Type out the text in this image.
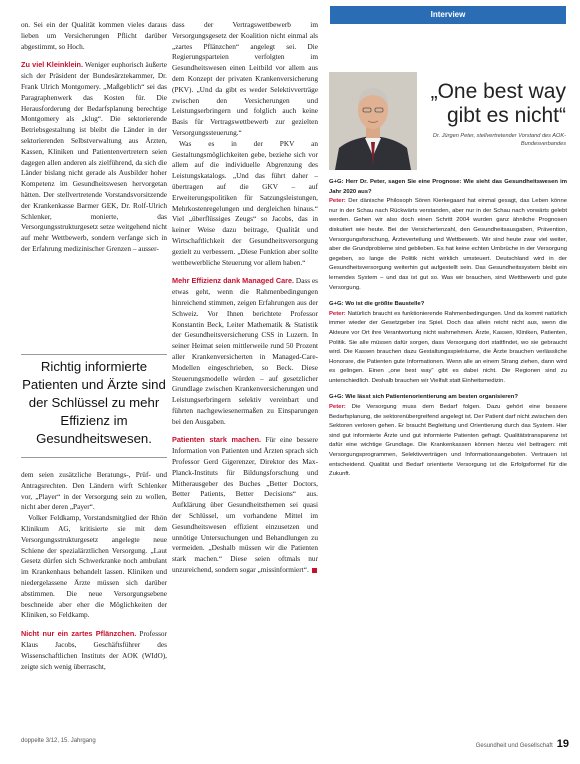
on. Sei ein der Qualität kommen vieles daraus lieben um Versicherungen Pflicht darüber abgestimmt, so Hoch.

Zu viel Kleinklein. Weniger euphorisch äußerte sich der Präsident der Bundesärztekammer, Dr. Frank Ulrich Montgomery. „Maßgeblich“ sei das Paragraphenwerk das Kosten für. Die Herausforderung der Bedarfsplanung berechtige Montgomery als „klug“. Die sektorierende Betriebsgestaltung ist bleibt die Länder in der sektorierenden Selbstverwaltung aus Ärzten, Kassen, Kliniken und Patientenvertretern seien dagegen allen anderen als zielführend, da sich die Länder bislang nicht gerade als Ausbilder hoher Kompetenz im Gesundheitswesen hervorgetan hätten. Der stellvertretende Vorstandsvorsitzende der Krankenkasse Barmer GEK, Dr. Rolf-Ulrich Schlenker, monierte, das Versorgungsstrukturgesetz setze weitgehend nicht auf mehr Wettbewerb, sondern verfange sich in der Erfahrung medizinischer Grenzen – ausser-

Richtig informierte Patienten und Ärzte sind der Schlüssel zu mehr Effizienz im Gesundheitswesen.

dem seien zusätzliche Beratungs-, Prüf- und Antragsrechten. Den Ländern wirft Schlenker vor, „Player“ in der Versorgung sein zu wollen, nicht aber deren „Payer“.

Volker Feldkamp, Vorstandsmitglied der Rhön Klinikum AG, kritisierte sie mit dem Versorgungsstrukturgesetz angelegte neue Schiene der spezialärztlichen Versorgung. „Laut Gesetz dürfen sich Schwerkranke noch ambulant im Krankenhaus behandelt lassen. Kliniken und niedergelassene Ärzte müssen sich darüber abstimmen. Die neue Versorgungsebene beschneide aber eher die Möglichkeiten der Kliniken, so Feldkamp.

Nicht nur ein zartes Pflänzchen. Professor Klaus Jacobs, Geschäftsführer des Wissenschaftlichen Instituts der AOK (WIdO), zeigte sich wenig überrascht,

dass der Vertragswettbewerb im Versorgungsgesetz der Koalition nicht einmal als „zartes Pflänzchen“ angelegt sei. Die Regierungsparteien verfolgten im Gesundheitswesen einen Leitbild vor allem aus dem Konzept der privaten Krankenversicherung (PKV). „Und da gibt es weder Selektivverträge zwischen den Versicherungen und Leistungserbringern und folglich auch keine Basis für Vertragswettbewerb zur gezielten Versorgungssteuerung.“

Was es in der PKV an Gestaltungsmöglichkeiten gebe, beziehe sich vor allem auf die individuelle Abgrenzung des Leistungskatalogs. „Und das führt daher – übertragen auf die GKV – auf Erweiterungspolitiken für Satzungsleistungen, Mehrkostenregelungen und dergleichen hinaus.“ Viel „überflüssiges Zeugs“ so Jacobs, das in keiner Weise dazu beitrage, Qualität und Wirtschaftlichkeit der Gesundheitsversorgung gezielt zu verbessern. „Diese Funktion aber sollte wettbewerbliche Steuerung vor allem haben.“

Mehr Effizienz dank Managed Care. Dass es etwas geht, wenn die Rahmenbedingungen hinreichend stimmen, zeigen Erfahrungen aus der Schweiz. Vor Ihnen berichtete Professor Konstantin Beck, Leiter Mathematik & Statistik der Gesundheitsversicherung CSS in Luzern. In seiner Heimat seien mittlerweile rund 50 Prozent aller Krankenversicherten in Managed-Care-Modellen eingeschrieben, so Beck. Diese Steuerungsmodelle würden – auf gesetzlicher Grundlage zwischen Krankenversicherungen und Leistungserbringern selektiv vereinbart und führten nachgewiesenermaßen zu Einsparungen bei den Ausgaben.

Patienten stark machen. Für eine bessere Information von Patienten und Ärzten sprach sich Professor Gerd Gigerenzer, Direktor des Max-Planck-Instituts für Bildungsforschung und Mitherausgeber des Buches „Better Doctors, Better Patients, Better Decisions“ aus. Aufklärung über Gesundheitsthemen sei quasi der Schlüssel, um vorhandene Mittel im Gesundheitswesen effizient einzusetzen und unnötige Untersuchungen und Behandlungen zu vermeiden. „Deshalb müssen wir die Patienten stark machen.“ Diese seien oftmals nur unzureichend, sondern sogar „missinformiert“.

Interview
„One best way gibt es nicht“
Dr. Jürgen Peter, stellvertretender Vorstand des AOK-Bundesverbandes

G+G: Herr Dr. Peter, sagen Sie eine Prognose: Wie sieht das Gesundheitswesen im Jahr 2020 aus?

Peter: Der dänische Philosoph Sören Kierkegaard hat einmal gesagt, das Leben könne nur in der Schau nach Rückwärts verstanden, aber nur in der Schau nach vorwärts gelebt werden. Gehen wir also doch einen Schritt 2004 wurden ganz ähnliche Prognosen diskutiert wie heute. Bei der Versichertenzahl, den Gesundheitsausgaben, Prävention, Versorgungsforschung, Ärzteverteilung und Wettbewerb. Wir sind heute zwar viel weiter, aber die Grundprobleme sind geblieben. Es hat keine echten Umbrüche in der Versorgung gegeben, so lange die Politik nicht wirklich umsteuert. Deutschland wird in der Gesundheitsversorgung weiterhin gut aufgestellt sein. Das Gesundheitssystem bleibt ein lernendes System – und das ist gut so. Was wir brauchen, sind Wettbewerb und gute Versorgung.

G+G: Wo ist die größte Baustelle?

Peter: Natürlich braucht es funktionierende Rahmenbedingungen. Und da kommt natürlich immer wieder der Gesetzgeber ins Spiel. Doch das allein reicht nicht aus, wenn die Akteure vor Ort ihre Verantwortung nicht wahrnehmen. Ärzte, Kassen, Kliniken, Patienten, Politik. Sie alle müssen dafür sorgen, dass Versorgung dort stattfindet, wo sie gebraucht wird. Die Kassen brauchen dazu Gestaltungsspielräume, die Ärzte brauchen verlässliche Honorare, die Patienten gute Informationen. Wenn alle an einem Strang ziehen, dann wird es gelingen. Einen „one best way“ gibt es dabei nicht. Die Regionen sind zu unterschiedlich. Deshalb brauchen wir Vielfalt statt Einheitsmedizin.

G+G: Wie lässt sich Patientenorientierung am besten organisieren?

Peter: Die Versorgung muss dem Bedarf folgen. Dazu gehört eine bessere Bedarfsplanung, die sektorenübergreifend angelegt ist. Der Patient darf nicht zwischen den Sektoren verloren gehen. Er braucht Begleitung und Orientierung durch das System. Hier sind gut informierte Ärzte und gut informierte Patienten gefragt. Qualitätstransparenz ist dafür eine wichtige Grundlage. Die Krankenkassen können hierzu viel beitragen: mit Versorgungsprogrammen, Selektivverträgen und Informationsangeboten. Vertrauen ist entscheidend. Qualität und Bedarf orientierte Versorgung ist die Erfolgsformel für die Zukunft.

doppelte 3/12, 15. Jahrgang
Gesundheit und Gesellschaft 19
